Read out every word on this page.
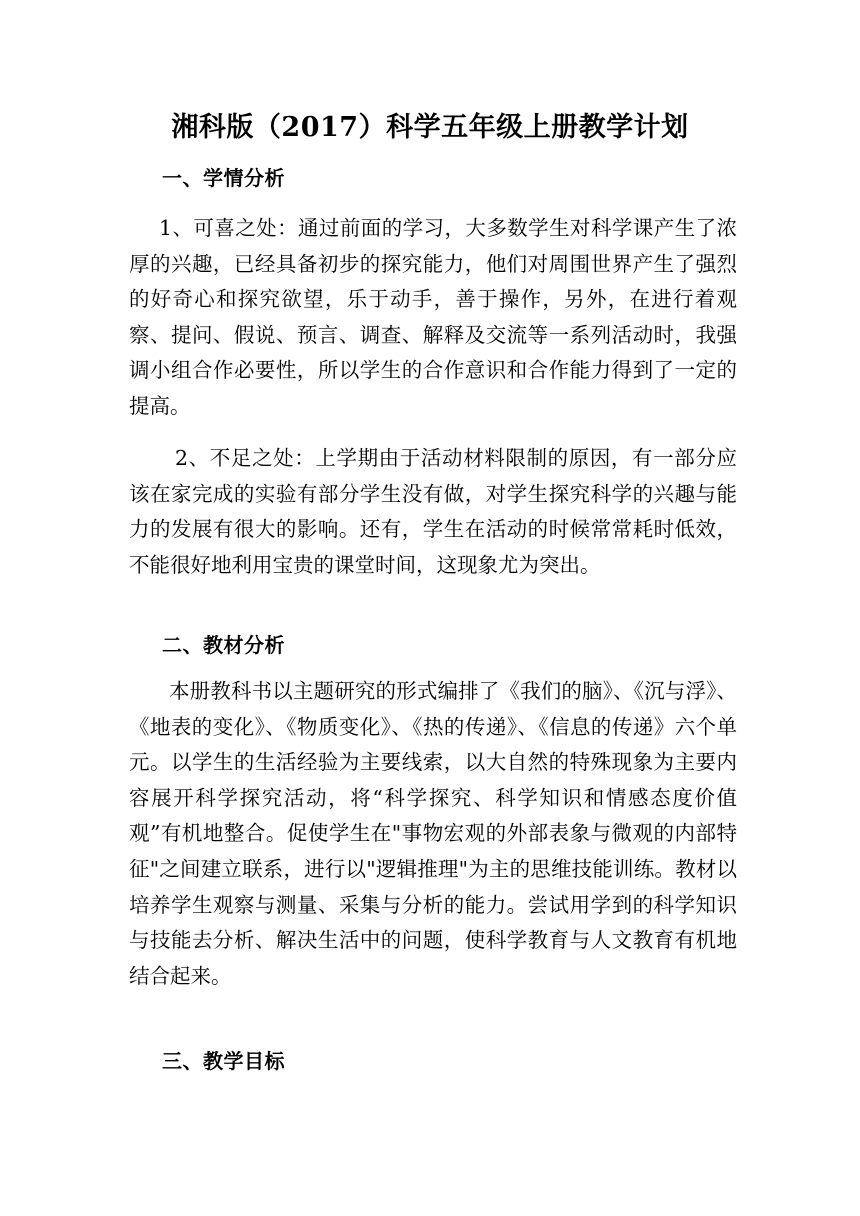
湘科版（2017）科学五年级上册教学计划
一、学情分析
1、可喜之处：通过前面的学习，大多数学生对科学课产生了浓厚的兴趣，已经具备初步的探究能力，他们对周围世界产生了强烈的好奇心和探究欲望，乐于动手，善于操作，另外，在进行着观察、提问、假说、预言、调查、解释及交流等一系列活动时，我强调小组合作必要性，所以学生的合作意识和合作能力得到了一定的提高。
2、不足之处：上学期由于活动材料限制的原因，有一部分应该在家完成的实验有部分学生没有做，对学生探究科学的兴趣与能力的发展有很大的影响。还有，学生在活动的时候常常耗时低效，不能很好地利用宝贵的课堂时间，这现象尤为突出。
二、教材分析
本册教科书以主题研究的形式编排了《我们的脑》、《沉与浮》、《地表的变化》、《物质变化》、《热的传递》、《信息的传递》六个单元。以学生的生活经验为主要线索，以大自然的特殊现象为主要内容展开科学探究活动，将“科学探究、科学知识和情感态度价值观”有机地整合。促使学生在"事物宏观的外部表象与微观的内部特征"之间建立联系，进行以"逻辑推理"为主的思维技能训练。教材以培养学生观察与测量、采集与分析的能力。尝试用学到的科学知识与技能去分析、解决生活中的问题，使科学教育与人文教育有机地结合起来。
三、教学目标
